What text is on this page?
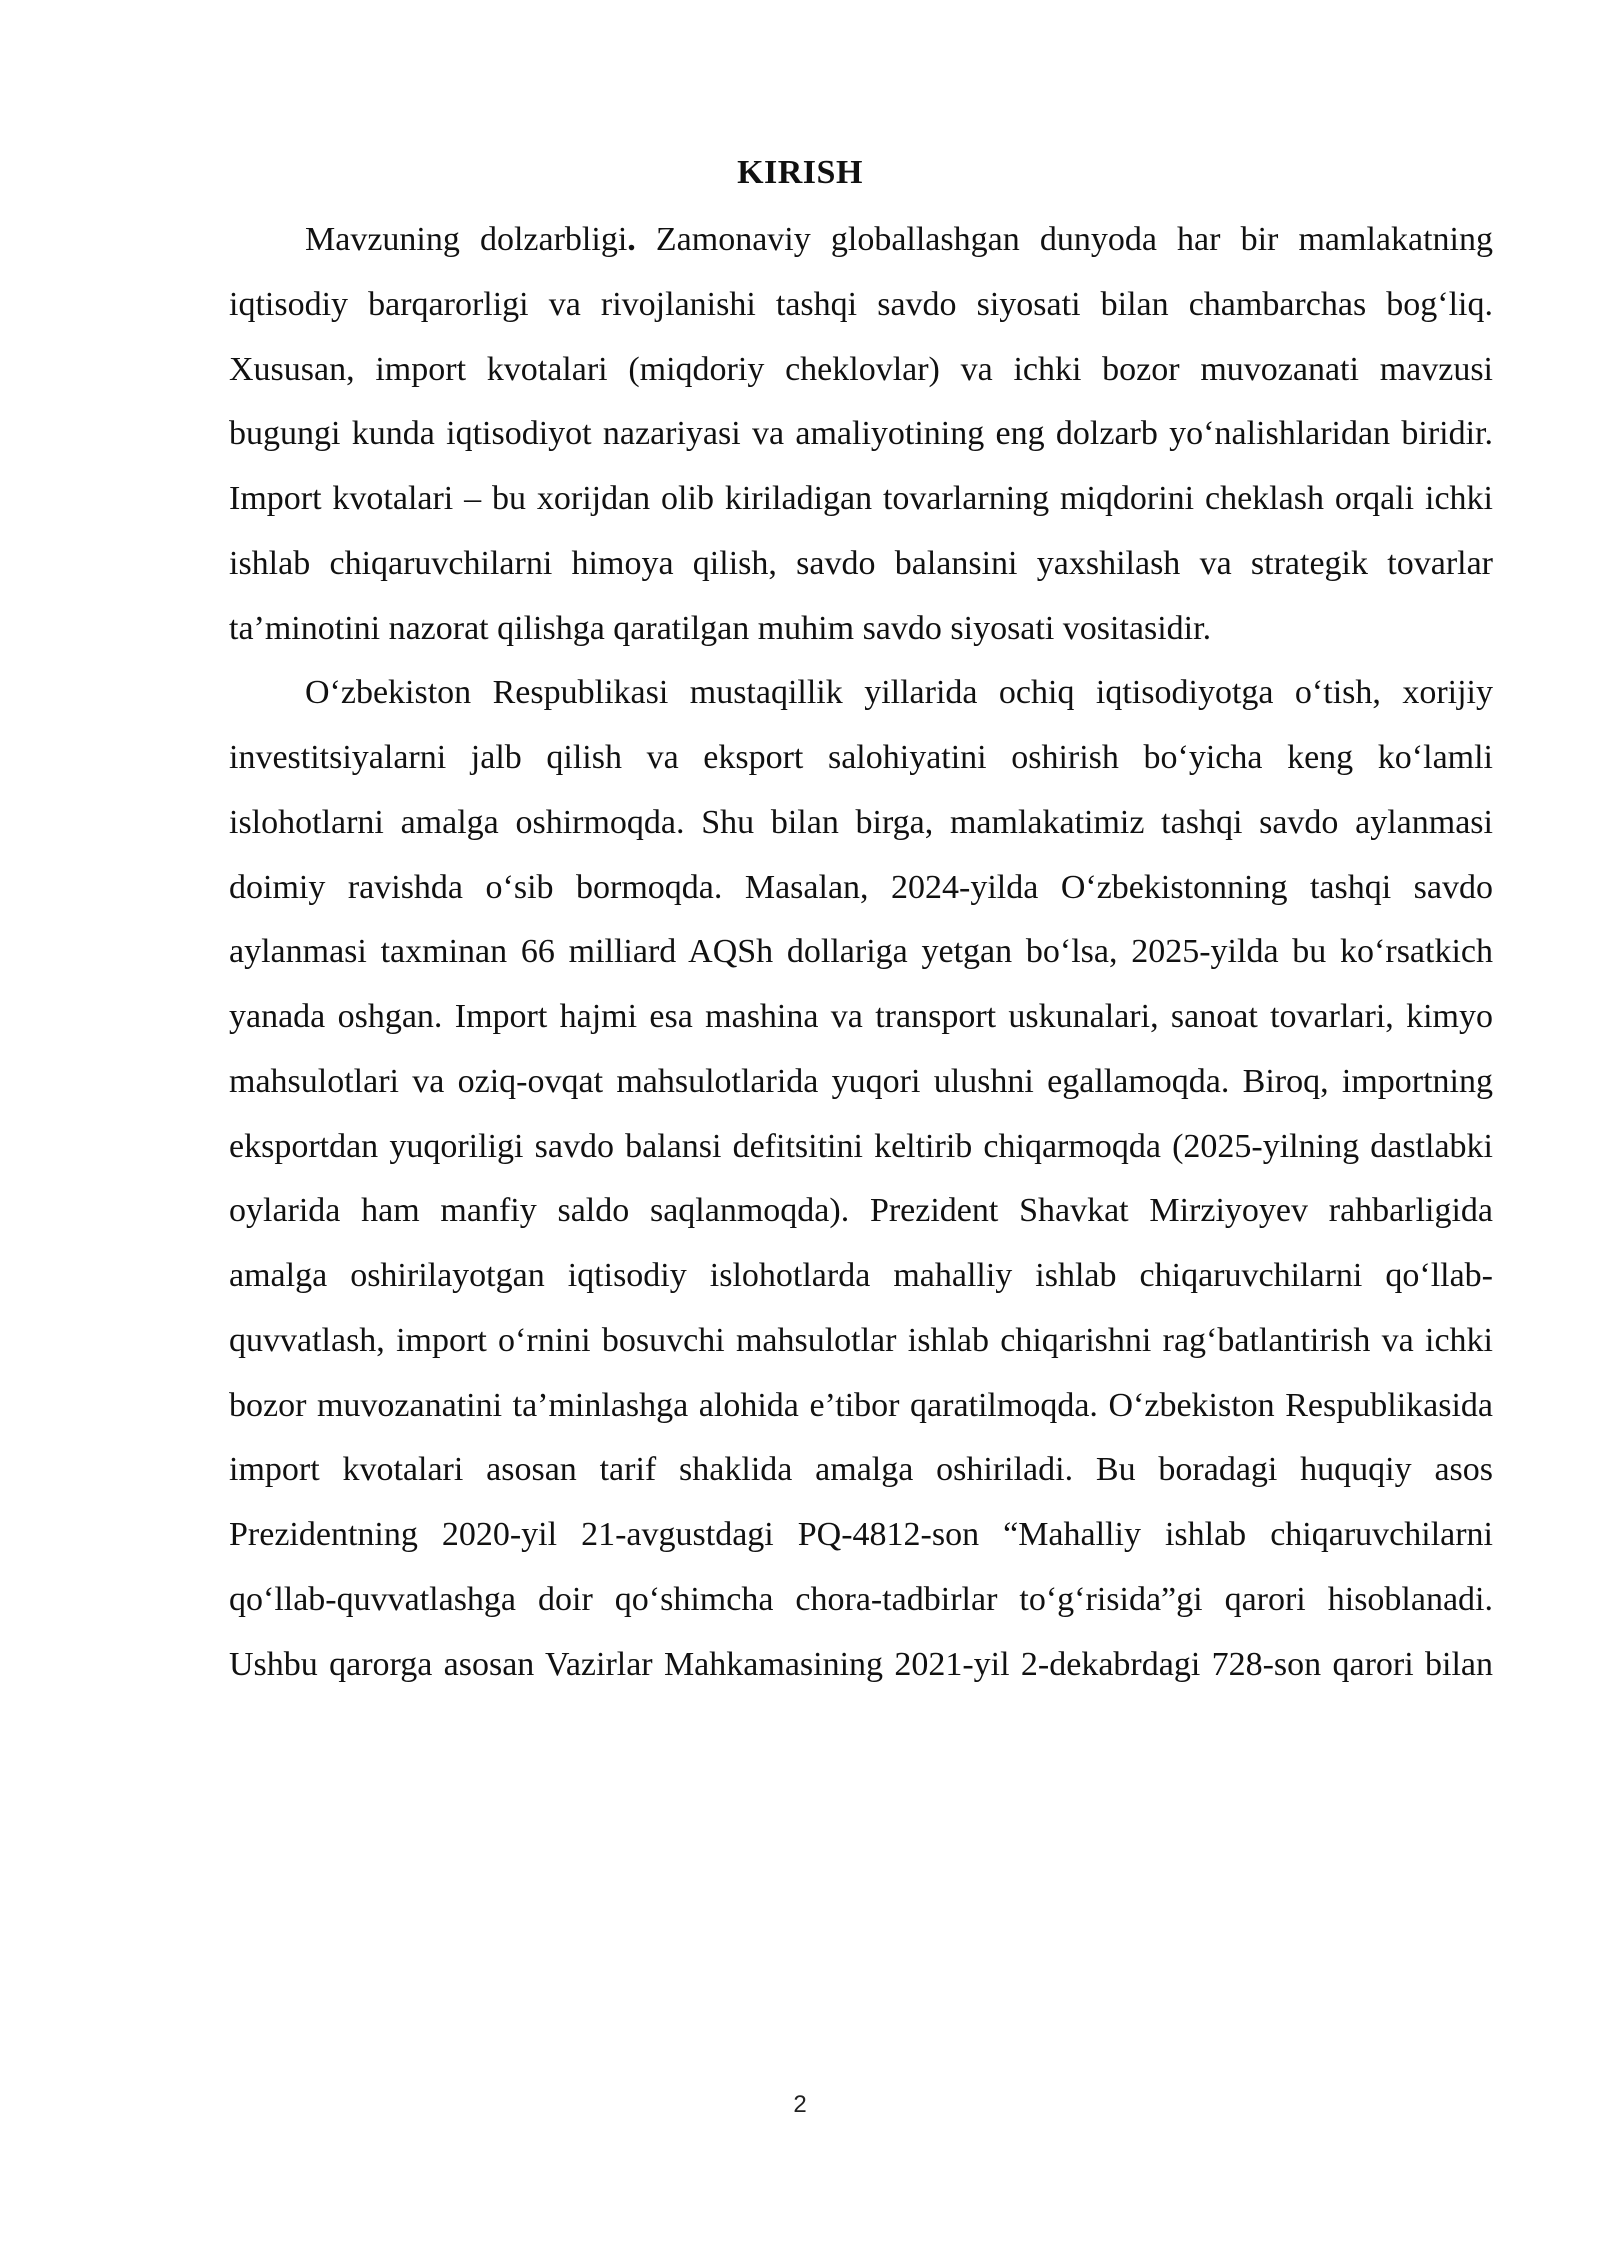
KIRISH

Mavzuning dolzarbligi. Zamonaviy globallashgan dunyoda har bir mamlakatning iqtisodiy barqarorligi va rivojlanishi tashqi savdo siyosati bilan chambarchas bog‘liq. Xususan, import kvotalari (miqdoriy cheklovlar) va ichki bozor muvozanati mavzusi bugungi kunda iqtisodiyot nazariyasi va amaliyotining eng dolzarb yo‘nalishlaridan biridir. Import kvotalari – bu xorijdan olib kiriladigan tovarlarning miqdorini cheklash orqali ichki ishlab chiqaruvchilarni himoya qilish, savdo balansini yaxshilash va strategik tovarlar ta’minotini nazorat qilishga qaratilgan muhim savdo siyosati vositasidir.

O‘zbekiston Respublikasi mustaqillik yillarida ochiq iqtisodiyotga o‘tish, xorijiy investitsiyalarni jalb qilish va eksport salohiyatini oshirish bo‘yicha keng ko‘lamli islohotlarni amalga oshirmoqda. Shu bilan birga, mamlakatimiz tashqi savdo aylanmasi doimiy ravishda o‘sib bormoqda. Masalan, 2024-yilda O‘zbekistonning tashqi savdo aylanmasi taxminan 66 milliard AQSh dollariga yetgan bo‘lsa, 2025-yilda bu ko‘rsatkich yanada oshgan. Import hajmi esa mashina va transport uskunalari, sanoat tovarlari, kimyo mahsulotlari va oziq-ovqat mahsulotlarida yuqori ulushni egallamoqda. Biroq, importning eksportdan yuqoriligi savdo balansi defitsitini keltirib chiqarmoqda (2025-yilning dastlabki oylarida ham manfiy saldo saqlanmoqda). Prezident Shavkat Mirziyoyev rahbarligida amalga oshirilayotgan iqtisodiy islohotlarda mahalliy ishlab chiqaruvchilarni qo‘llab-quvvatlash, import o‘rnini bosuvchi mahsulotlar ishlab chiqarishni rag‘batlantirish va ichki bozor muvozanatini ta’minlashga alohida e’tibor qaratilmoqda. O‘zbekiston Respublikasida import kvotalari asosan tarif shaklida amalga oshiriladi. Bu boradagi huquqiy asos Prezidentning 2020-yil 21-avgustdagi PQ-4812-son “Mahalliy ishlab chiqaruvchilarni qo‘llab-quvvatlashga doir qo‘shimcha chora-tadbirlar to‘g‘risida”gi qarori hisoblanadi. Ushbu qarorga asosan Vazirlar Mahkamasining 2021-yil 2-dekabrdagi 728-son qarori bilan

2
